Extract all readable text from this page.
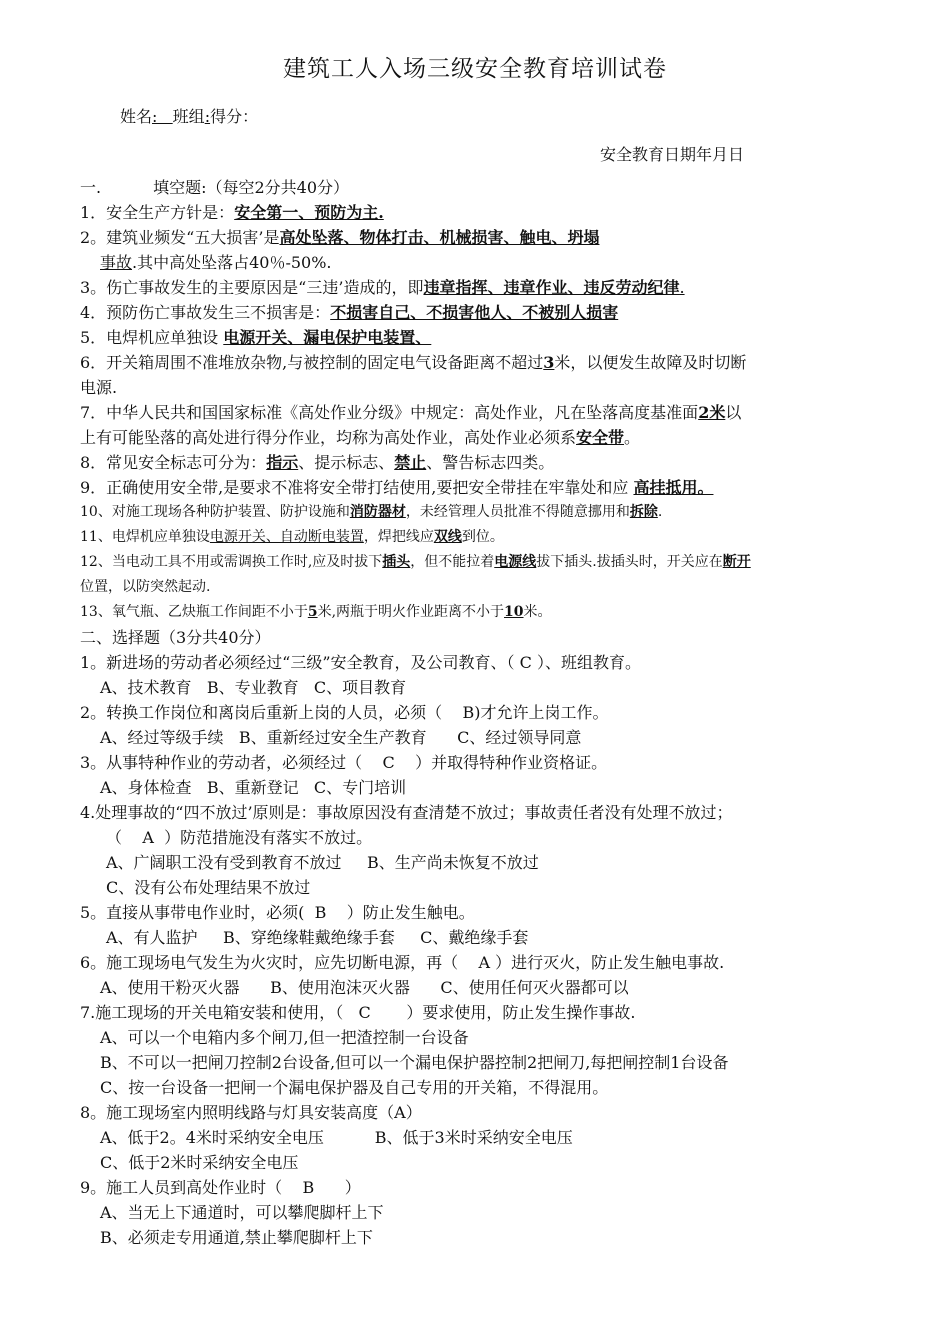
建筑工人入场三级安全教育培训试卷
姓名:   班组:得分：
安全教育日期年月日
一.	填空题:（每空2分共40分）
1．安全生产方针是：安全第一、预防为主.
2。建筑业频发“五大损害’是高处坠落、物体打击、机械损害、触电、坍塌
事故.其中高处坠落占40％-50%.
3。伤亡事故发生的主要原因是“三违’造成的，即违章指挥、违章作业、违反劳动纪律.
4．预防伤亡事故发生三不损害是：不损害自己、不损害他人、不被别人损害
5．电焊机应单独设 电源开关、漏电保护电装置、
6．开关箱周围不准堆放杂物,与被控制的固定电气设备距离不超过3米，以便发生故障及时切断
电源.
7．中华人民共和国国家标准《高处作业分级》中规定：高处作业，凡在坠落高度基准面2米以
上有可能坠落的高处进行得分作业，均称为高处作业，高处作业必须系安全带。
8．常见安全标志可分为：指示、提示标志、禁止、警告标志四类。
9．正确使用安全带,是要求不准将安全带打结使用,要把安全带挂在牢靠处和应 高挂抵用。
10、对施工现场各种防护装置、防护设施和消防器材，未经管理人员批准不得随意挪用和拆除.
11、电焊机应单独设电源开关、自动断电装置，焊把线应双线到位。
12、当电动工具不用或需调换工作时,应及时拔下插头，但不能拉着电源线拔下插头.拔插头时，开关应在断开
位置，以防突然起动.
13、氧气瓶、乙炔瓶工作间距不小于5米,两瓶于明火作业距离不小于10米。
二、选择题（3分共40分）
1。新进场的劳动者必须经过“三级”安全教育，及公司教育、（ C ）、班组教育。
A、技术教育   B、专业教育   C、项目教育
2。转换工作岗位和离岗后重新上岗的人员，必须（    B)才允许上岗工作。
A、经过等级手续   B、重新经过安全生产教育      C、经过领导同意
3。从事特种作业的劳动者，必须经过（    C    ）并取得特种作业资格证。
A、身体检查   B、重新登记   C、专门培训
4.处理事故的“四不放过’原则是：事故原因没有查清楚不放过；事故责任者没有处理不放过；
（    A  ）防范措施没有落实不放过。
A、广阔职工没有受到教育不放过     B、生产尚未恢复不放过
C、没有公布处理结果不放过
5。直接从事带电作业时，必须(  B    ）防止发生触电。
A、有人监护     B、穿绝缘鞋戴绝缘手套     C、戴绝缘手套
6。施工现场电气发生为火灾时，应先切断电源，再（    A ）进行灭火，防止发生触电事故.
A、使用干粉灭火器      B、使用泡沫灭火器      C、使用任何灭火器都可以
7.施工现场的开关电箱安装和使用，（   C       ）要求使用，防止发生操作事故.
A、可以一个电箱内多个闸刀,但一把渣控制一台设备
B、不可以一把闸刀控制2台设备,但可以一个漏电保护器控制2把闸刀,每把闸控制1台设备
C、按一台设备一把闸一个漏电保护器及自己专用的开关箱，不得混用。
8。施工现场室内照明线路与灯具安装高度（A）
A、低于2。4米时采纳安全电压          B、低于3米时采纳安全电压
C、低于2米时采纳安全电压
9。施工人员到高处作业时（    B      ）
A、当无上下通道时，可以攀爬脚杆上下
B、必须走专用通道,禁止攀爬脚杆上下
